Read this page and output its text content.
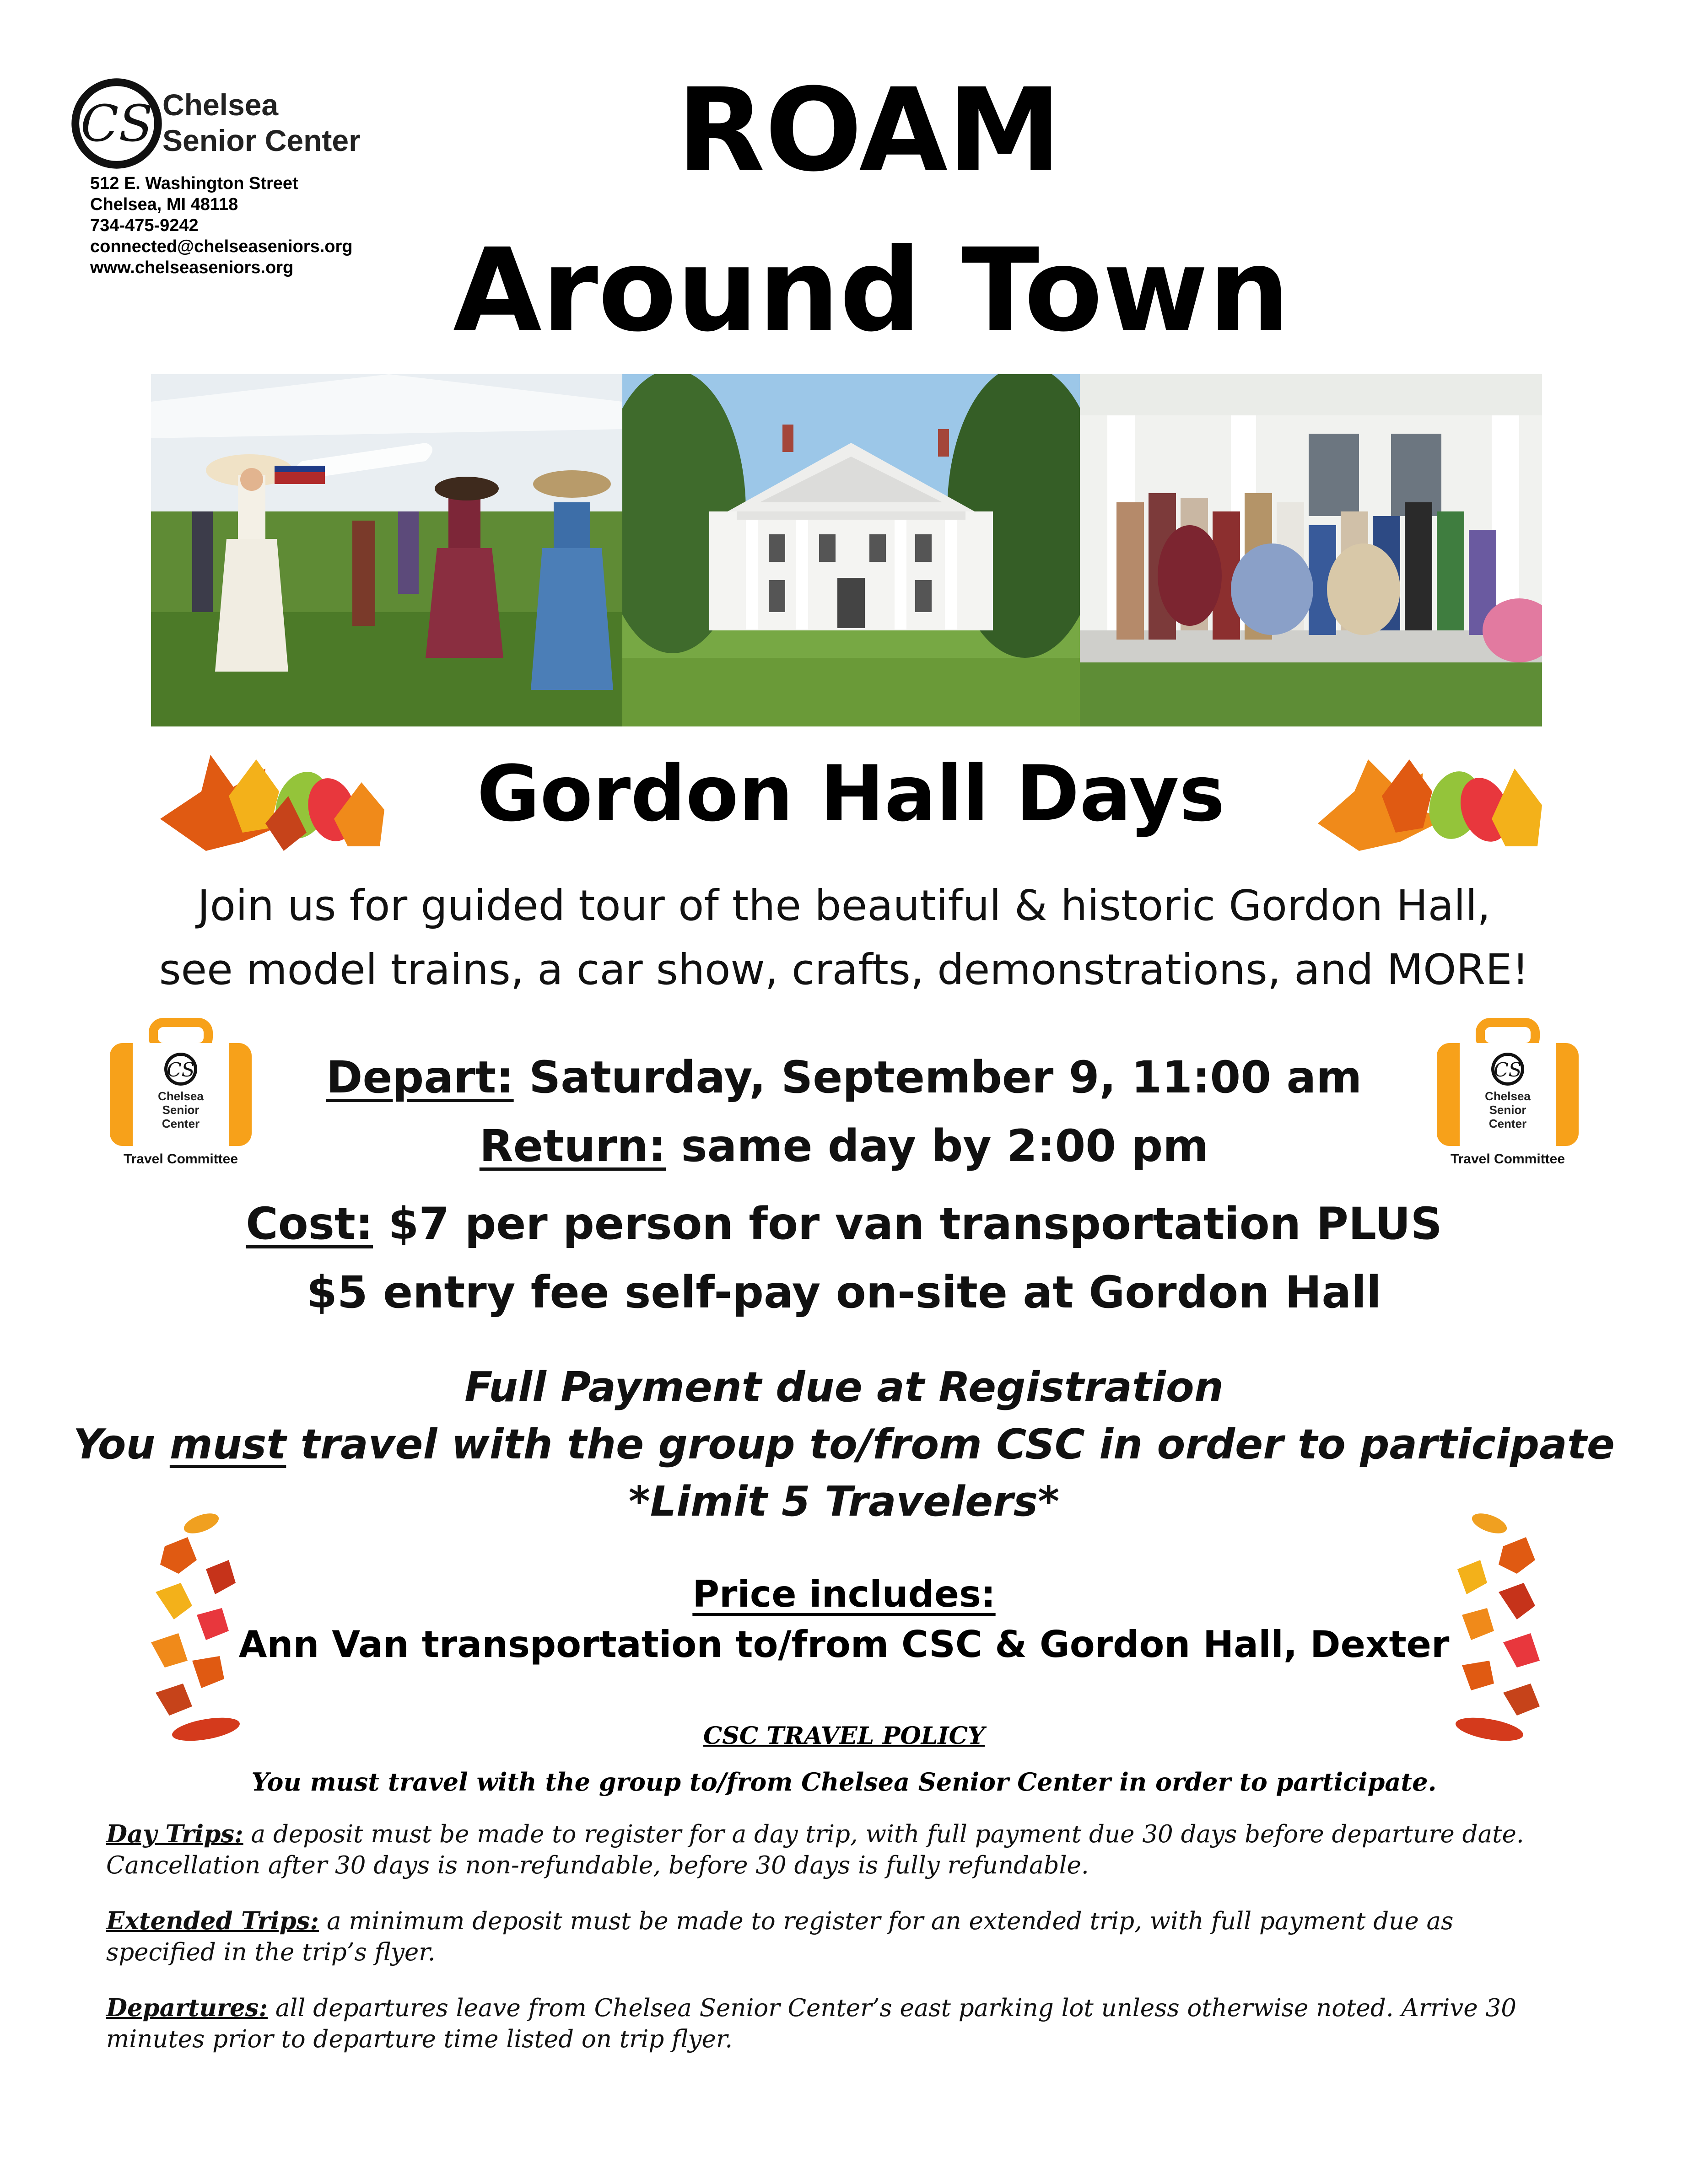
CS Chelsea
Senior Center
512 E. Washington Street
Chelsea, MI 48118
734-475-9242
connected@chelseaseniors.org
www.chelseaseniors.org
ROAM
Around Town
Gordon Hall Days
Join us for guided tour of the beautiful & historic Gordon Hall,
see model trains, a car show, crafts, demonstrations, and MORE!
CS
Chelsea
Senior
Center
Travel Committee
CS
Chelsea
Senior
Center
Travel Committee
Depart: Saturday, September 9, 11:00 am
Return: same day by 2:00 pm
Cost: $7 per person for van transportation PLUS
$5 entry fee self-pay on-site at Gordon Hall
Full Payment due at Registration
You must travel with the group to/from CSC in order to participate
*Limit 5 Travelers*
Price includes:
Ann Van transportation to/from CSC & Gordon Hall, Dexter
CSC TRAVEL POLICY
You must travel with the group to/from Chelsea Senior Center in order to participate.
Day Trips: a deposit must be made to register for a day trip, with full payment due 30 days before departure date. Cancellation after 30 days is non-refundable, before 30 days is fully refundable.
Extended Trips: a minimum deposit must be made to register for an extended trip, with full payment due as specified in the trip’s flyer.
Departures: all departures leave from Chelsea Senior Center’s east parking lot unless otherwise noted. Arrive 30 minutes prior to departure time listed on trip flyer.
